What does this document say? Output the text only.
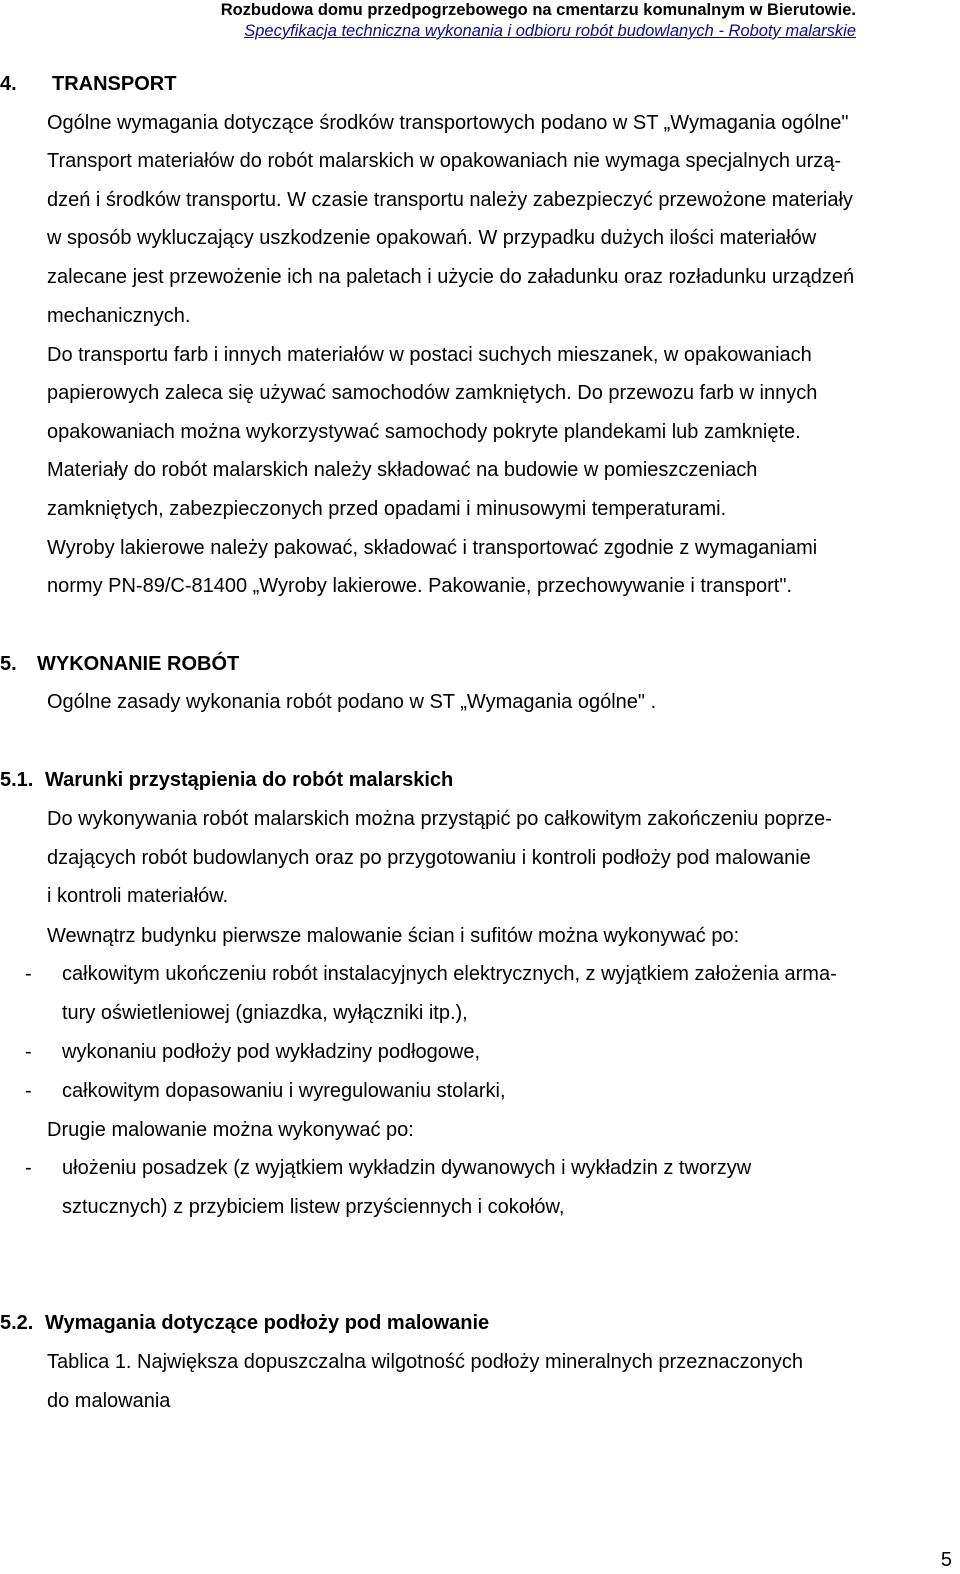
Rozbudowa domu przedpogrzebowego na cmentarzu komunalnym w Bierutowie.
Specyfikacja techniczna wykonania i odbioru robót budowlanych - Roboty malarskie
4. TRANSPORT
Ogólne wymagania dotyczące środków transportowych podano w ST „Wymagania ogólne"
Transport materiałów do robót malarskich w opakowaniach nie wymaga specjalnych urzą-
dzeń i środków transportu. W czasie transportu należy zabezpieczyć przewożone materiały
w sposób wykluczający uszkodzenie opakowań. W przypadku dużych ilości materiałów
zalecane jest przewożenie ich na paletach i użycie do załadunku oraz rozładunku urządzeń
mechanicznych.
Do transportu farb i innych materiałów w postaci suchych mieszanek, w opakowaniach
papierowych zaleca się używać samochodów zamkniętych. Do przewozu farb w innych
opakowaniach można wykorzystywać samochody pokryte plandekami lub zamknięte.
Materiały do robót malarskich należy składować na budowie w pomieszczeniach
zamkniętych, zabezpieczonych przed opadami i minusowymi temperaturami.
Wyroby lakierowe należy pakować, składować i transportować zgodnie z wymaganiami
normy PN-89/C-81400 „Wyroby lakierowe. Pakowanie, przechowywanie i transport".
5. WYKONANIE ROBÓT
Ogólne zasady wykonania robót podano w ST „Wymagania ogólne" .
5.1. Warunki przystąpienia do robót malarskich
Do wykonywania robót malarskich można przystąpić po całkowitym zakończeniu poprze-
dzających robót budowlanych oraz po przygotowaniu i kontroli podłoży pod malowanie
i kontroli materiałów.
Wewnątrz budynku pierwsze malowanie ścian i sufitów można wykonywać po:
- całkowitym ukończeniu robót instalacyjnych elektrycznych, z wyjątkiem założenia arma-
tury oświetleniowej (gniazdka, wyłączniki itp.),
- wykonaniu podłoży pod wykładziny podłogowe,
- całkowitym dopasowaniu i wyregulowaniu stolarki,
Drugie malowanie można wykonywać po:
- ułożeniu posadzek (z wyjątkiem wykładzin dywanowych i wykładzin z tworzyw
sztucznych) z przybiciem listew przyściennych i cokołów,
5.2. Wymagania dotyczące podłoży pod malowanie
Tablica 1. Największa dopuszczalna wilgotność podłoży mineralnych przeznaczonych
do malowania
5
